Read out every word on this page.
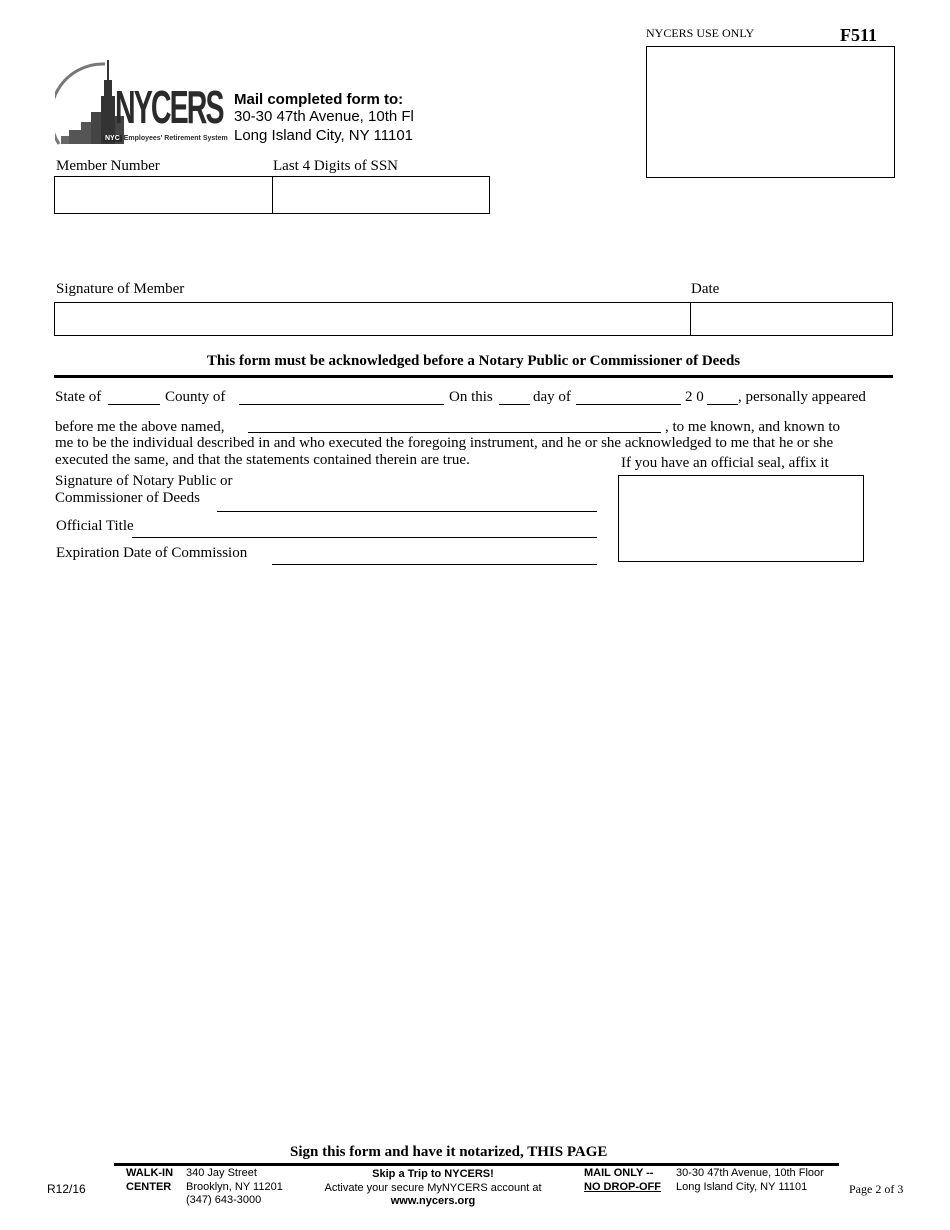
NYCERS USE ONLY	F511
NYCERS
NYC Employees' Retirement System
Mail completed form to:
30-30 47th Avenue, 10th Fl
Long Island City, NY 11101
Member Number	Last 4 Digits of SSN
Signature of Member	Date
This form must be acknowledged before a Notary Public or Commissioner of Deeds
State of	County of	On this	day of	2 0 , personally appeared
before me the above named,	, to me known, and known to
me to be the individual described in and who executed the foregoing instrument, and he or she acknowledged to me that he or she
executed the same, and that the statements contained therein are true.	If you have an official seal, affix it
Signature of Notary Public or
Commissioner of Deeds
Official Title
Expiration Date of Commission
Sign this form and have it notarized, THIS PAGE
R12/16
WALK-IN
CENTER
340 Jay Street
Brooklyn, NY 11201
(347) 643-3000
Skip a Trip to NYCERS!
Activate your secure MyNYCERS account at
www.nycers.org
MAIL ONLY --
NO DROP-OFF
30-30 47th Avenue, 10th Floor
Long Island City, NY 11101	Page 2 of 3
